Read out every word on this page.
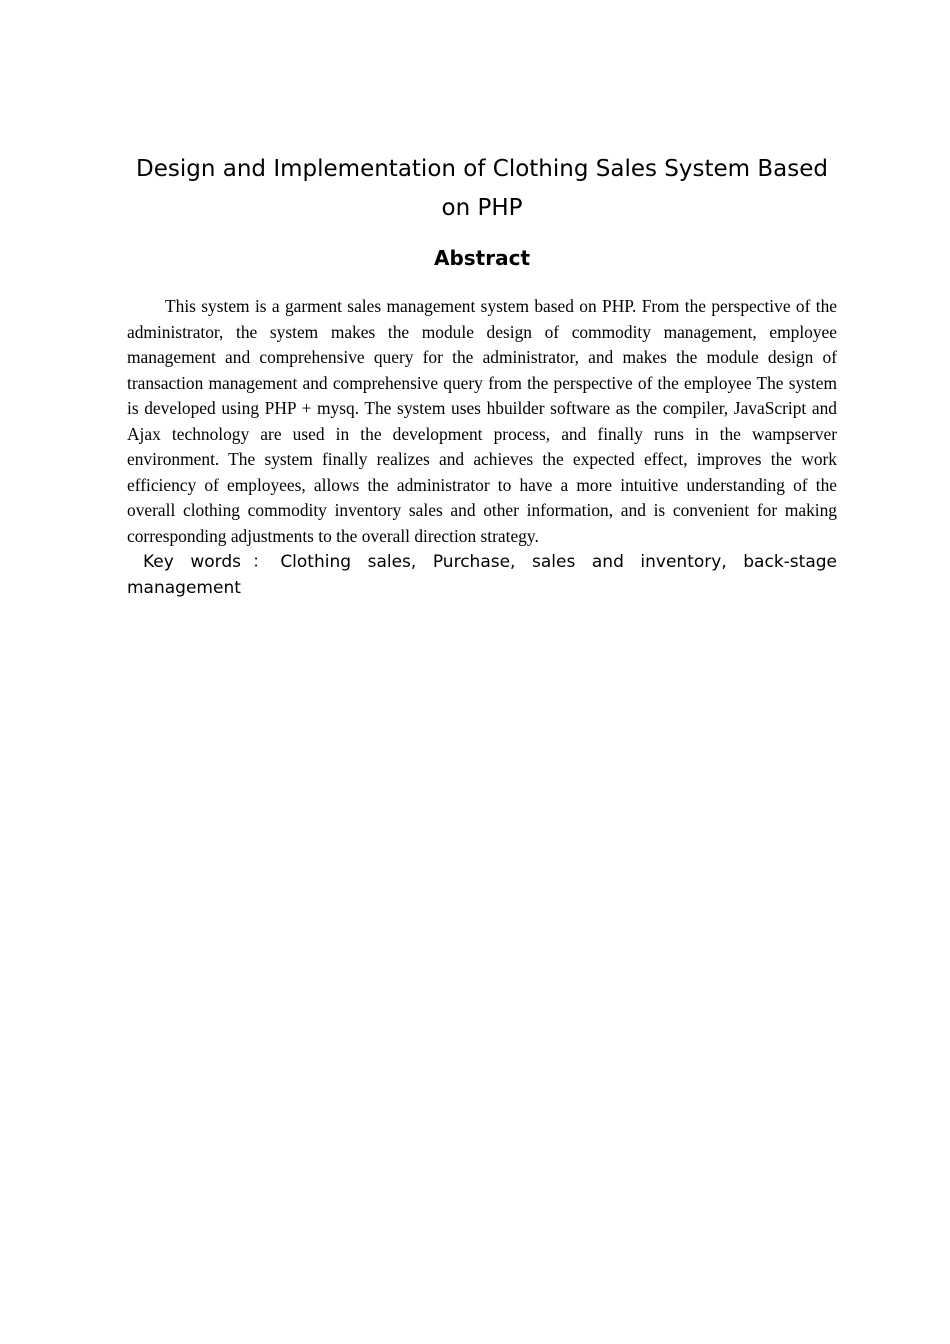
Design and Implementation of Clothing Sales System Based on PHP
Abstract

This system is a garment sales management system based on PHP. From the perspective of the administrator, the system makes the module design of commodity management, employee management and comprehensive query for the administrator, and makes the module design of transaction management and comprehensive query from the perspective of the employee The system is developed using PHP + mysq. The system uses hbuilder software as the compiler, JavaScript and Ajax technology are used in the development process, and finally runs in the wampserver environment. The system finally realizes and achieves the expected effect, improves the work efficiency of employees, allows the administrator to have a more intuitive understanding of the overall clothing commodity inventory sales and other information, and is convenient for making corresponding adjustments to the overall direction strategy.

Key words：Clothing sales, Purchase, sales and inventory, back-stage management
